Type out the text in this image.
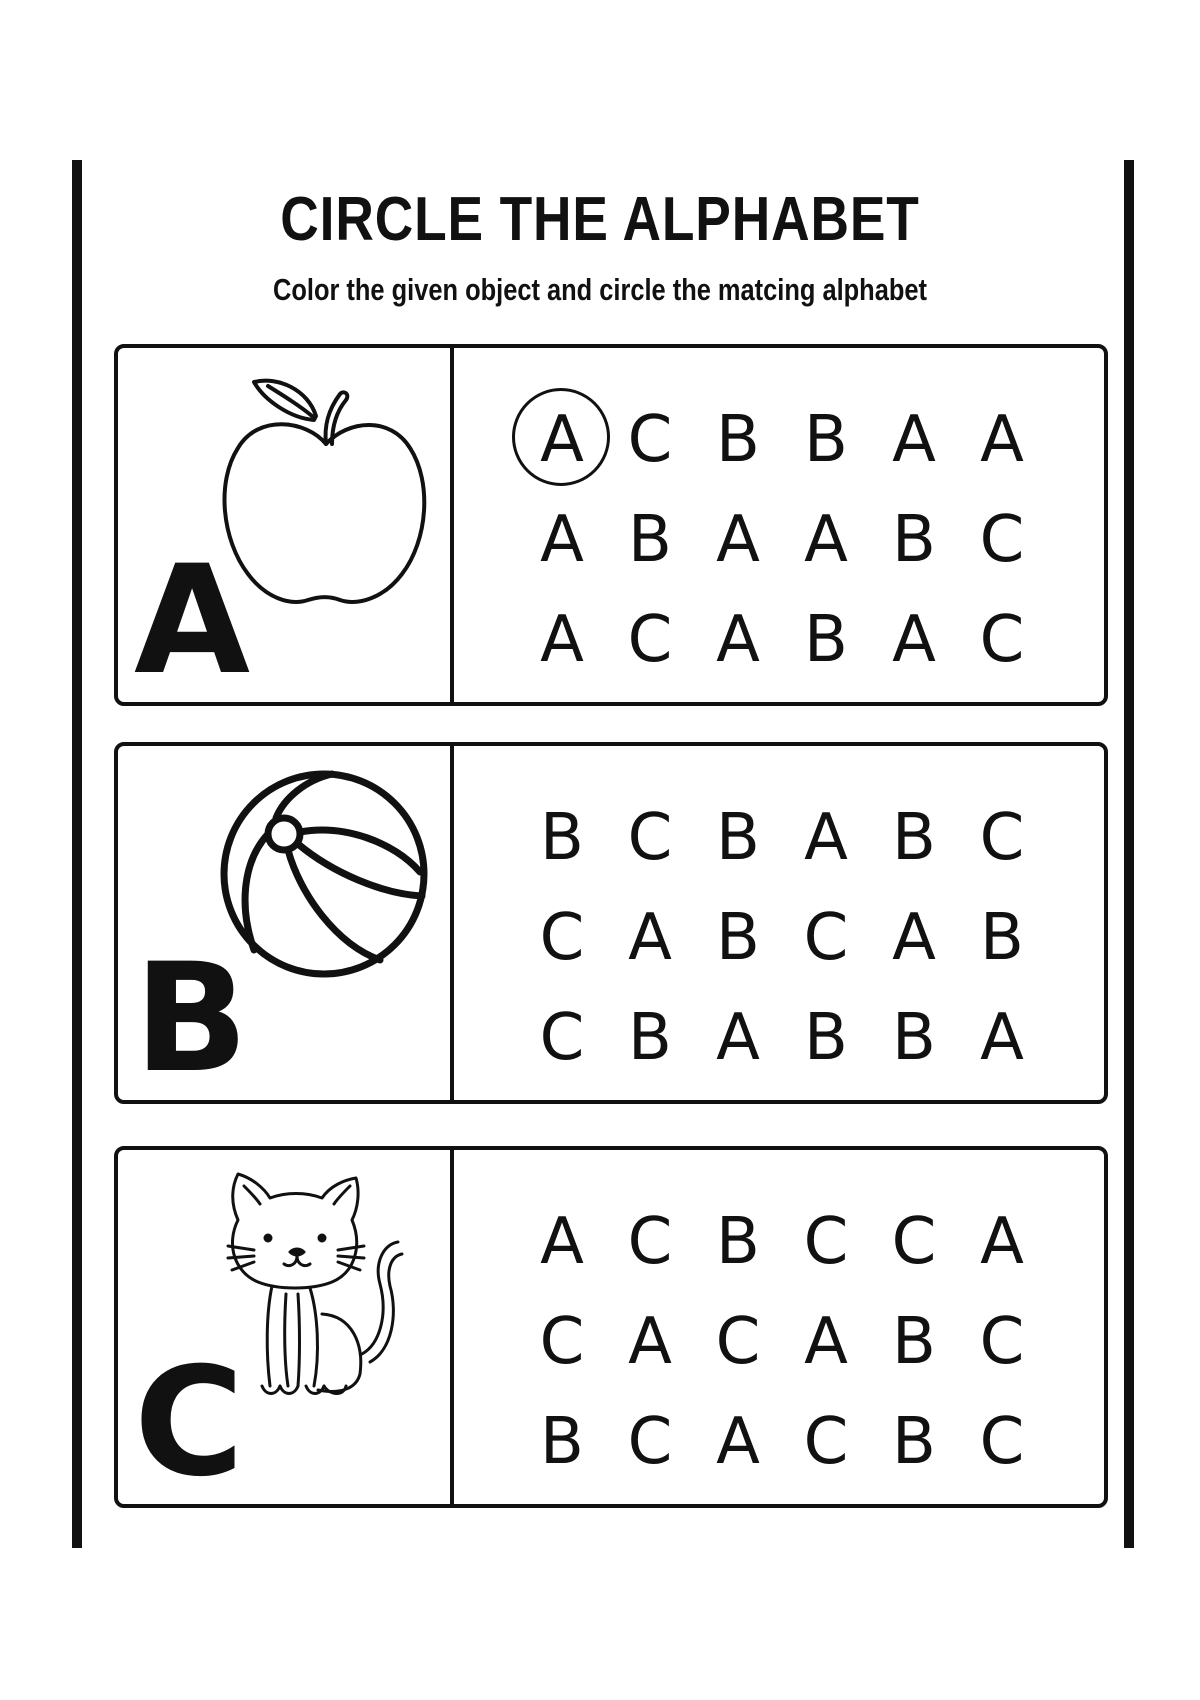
CIRCLE THE ALPHABET
Color the given object and circle the matcing alphabet
A
A C B B A A
A B A A B C
A C A B A C
B
B C B A B C
C A B C A B
C B A B B A
C
A C B C C A
C A C A B C
B C A C B C
